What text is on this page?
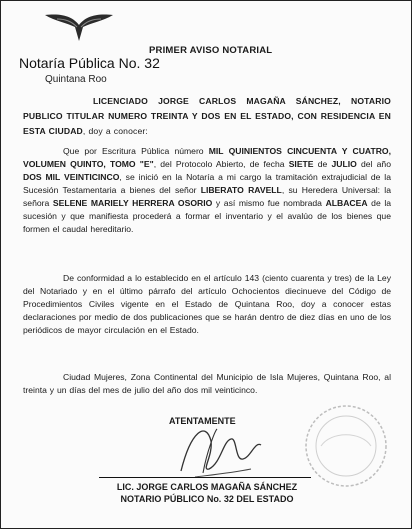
Notaría Pública No. 32
Quintana Roo
PRIMER AVISO NOTARIAL
LICENCIADO JORGE CARLOS MAGAÑA SÁNCHEZ, NOTARIO PUBLICO TITULAR NUMERO TREINTA Y DOS EN EL ESTADO, CON RESIDENCIA EN ESTA CIUDAD, doy a conocer:
Que por Escritura Pública número MIL QUINIENTOS CINCUENTA Y CUATRO, VOLUMEN QUINTO, TOMO "E", del Protocolo Abierto, de fecha SIETE de JULIO del año DOS MIL VEINTICINCO, se inició en la Notaría a mi cargo la tramitación extrajudicial de la Sucesión Testamentaria a bienes del señor LIBERATO RAVELL, su Heredera Universal: la señora SELENE MARIELY HERRERA OSORIO y así mismo fue nombrada ALBACEA de la sucesión y que manifiesta procederá a formar el inventario y el avalúo de los bienes que formen el caudal hereditario.
De conformidad a lo establecido en el artículo 143 (ciento cuarenta y tres) de la Ley del Notariado y en el último párrafo del artículo Ochocientos diecinueve del Código de Procedimientos Civiles vigente en el Estado de Quintana Roo, doy a conocer estas declaraciones por medio de dos publicaciones que se harán dentro de diez días en uno de los periódicos de mayor circulación en el Estado.
Ciudad Mujeres, Zona Continental del Municipio de Isla Mujeres, Quintana Roo, al treinta y un días del mes de julio del año dos mil veinticinco.
ATENTAMENTE
LIC. JORGE CARLOS MAGAÑA SÁNCHEZ
NOTARIO PÚBLICO No. 32 DEL ESTADO
